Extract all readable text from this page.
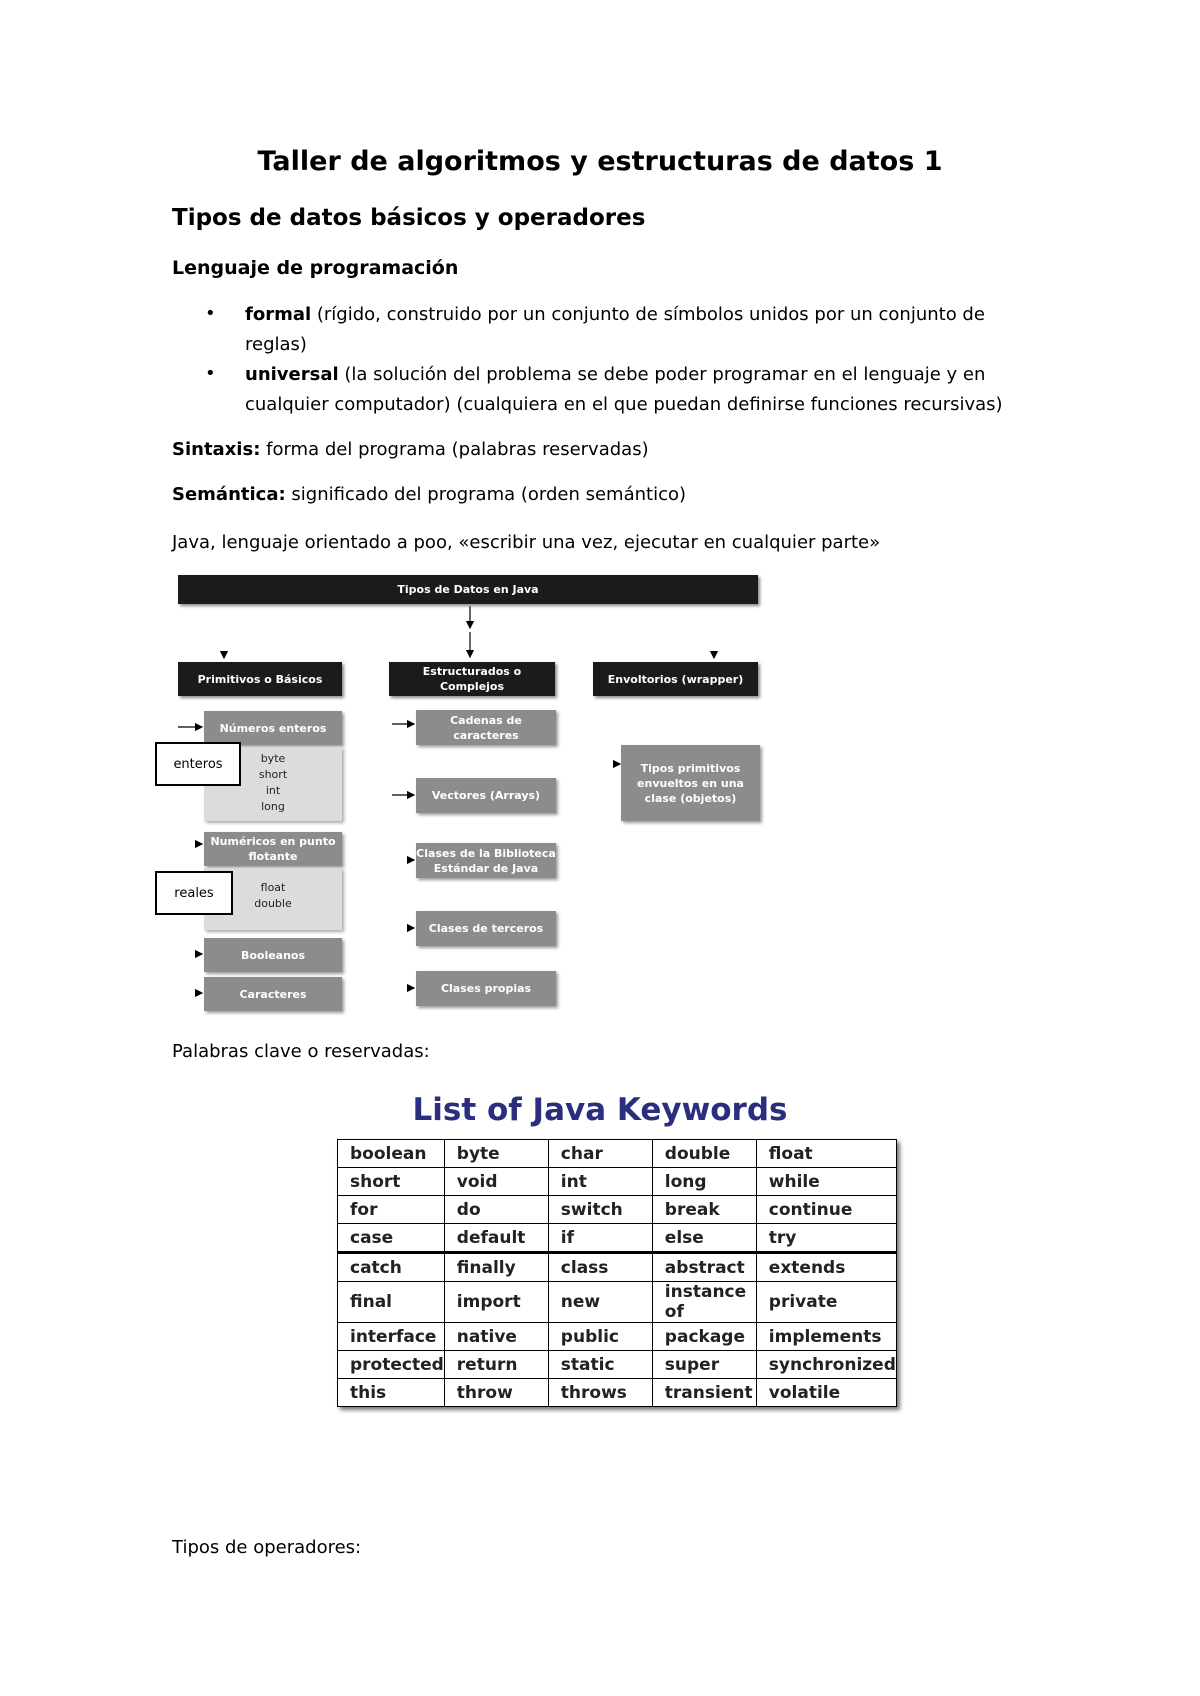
Taller de algoritmos y estructuras de datos 1
Tipos de datos básicos y operadores
Lenguaje de programación
• formal (rígido, construido por un conjunto de símbolos unidos por un conjunto de
reglas)
• universal (la solución del problema se debe poder programar en el lenguaje y en
cualquier computador) (cualquiera en el que puedan definirse funciones recursivas)
Sintaxis: forma del programa (palabras reservadas)
Semántica: significado del programa (orden semántico)
Java, lenguaje orientado a poo, «escribir una vez, ejecutar en cualquier parte»
Tipos de Datos en Java
Primitivos o Básicos
Estructurados o
Complejos
Envoltorios (wrapper)
Números enteros
byte
short
int
long
Numéricos en punto
flotante
float
double
Booleanos
Caracteres
Cadenas de
caracteres
Vectores (Arrays)
Clases de la Biblioteca
Estándar de Java
Clases de terceros
Clases propias
Tipos primitivos
envueltos en una
clase (objetos)
enteros
reales
Palabras clave o reservadas:
List of Java Keywords
boolean	byte	char	double	float
short	void	int	long	while
for	do	switch	break	continue
case	default	if	else	try
catch	finally	class	abstract	extends
final	import	new	instance of	private
interface	native	public	package	implements
protected	return	static	super	synchronized
this	throw	throws	transient	volatile
Tipos de operadores:
